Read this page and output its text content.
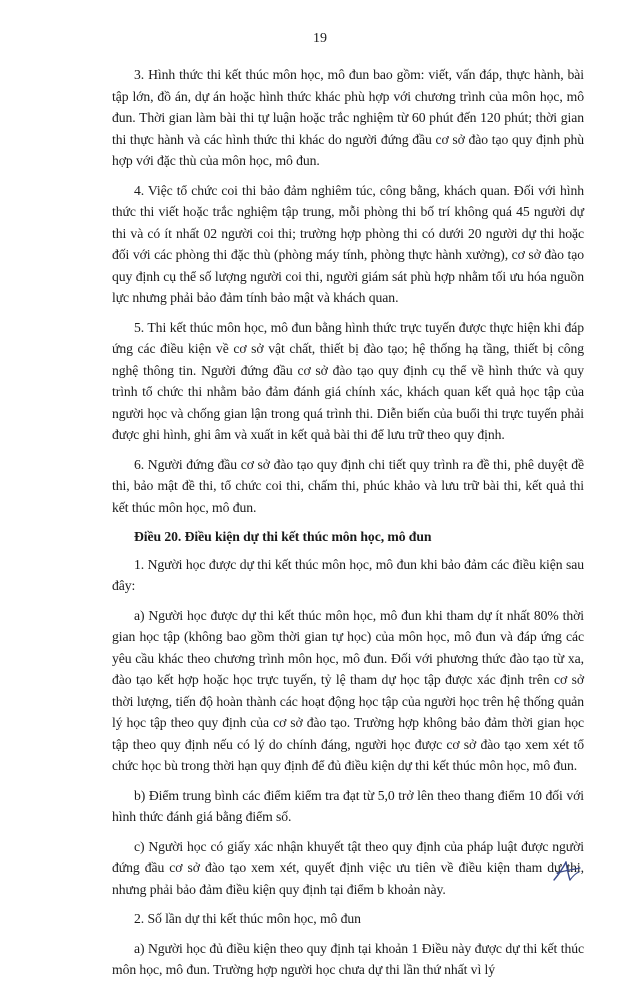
19

3. Hình thức thi kết thúc môn học, mô đun bao gồm: viết, vấn đáp, thực hành, bài tập lớn, đồ án, dự án hoặc hình thức khác phù hợp với chương trình của môn học, mô đun. Thời gian làm bài thi tự luận hoặc trắc nghiệm từ 60 phút đến 120 phút; thời gian thi thực hành và các hình thức thi khác do người đứng đầu cơ sở đào tạo quy định phù hợp với đặc thù của môn học, mô đun.

4. Việc tổ chức coi thi bảo đảm nghiêm túc, công bằng, khách quan. Đối với hình thức thi viết hoặc trắc nghiệm tập trung, mỗi phòng thi bố trí không quá 45 người dự thi và có ít nhất 02 người coi thi; trường hợp phòng thi có dưới 20 người dự thi hoặc đối với các phòng thi đặc thù (phòng máy tính, phòng thực hành xưởng), cơ sở đào tạo quy định cụ thể số lượng người coi thi, người giám sát phù hợp nhằm tối ưu hóa nguồn lực nhưng phải bảo đảm tính bảo mật và khách quan.

5. Thi kết thúc môn học, mô đun bằng hình thức trực tuyến được thực hiện khi đáp ứng các điều kiện về cơ sở vật chất, thiết bị đào tạo; hệ thống hạ tầng, thiết bị công nghệ thông tin. Người đứng đầu cơ sở đào tạo quy định cụ thể về hình thức và quy trình tổ chức thi nhằm bảo đảm đánh giá chính xác, khách quan kết quả học tập của người học và chống gian lận trong quá trình thi. Diễn biến của buổi thi trực tuyến phải được ghi hình, ghi âm và xuất in kết quả bài thi để lưu trữ theo quy định.

6. Người đứng đầu cơ sở đào tạo quy định chi tiết quy trình ra đề thi, phê duyệt đề thi, bảo mật đề thi, tổ chức coi thi, chấm thi, phúc khảo và lưu trữ bài thi, kết quả thi kết thúc môn học, mô đun.

Điều 20. Điều kiện dự thi kết thúc môn học, mô đun

1. Người học được dự thi kết thúc môn học, mô đun khi bảo đảm các điều kiện sau đây:

a) Người học được dự thi kết thúc môn học, mô đun khi tham dự ít nhất 80% thời gian học tập (không bao gồm thời gian tự học) của môn học, mô đun và đáp ứng các yêu cầu khác theo chương trình môn học, mô đun. Đối với phương thức đào tạo từ xa, đào tạo kết hợp hoặc học trực tuyến, tỷ lệ tham dự học tập được xác định trên cơ sở thời lượng, tiến độ hoàn thành các hoạt động học tập của người học trên hệ thống quản lý học tập theo quy định của cơ sở đào tạo. Trường hợp không bảo đảm thời gian học tập theo quy định nếu có lý do chính đáng, người học được cơ sở đào tạo xem xét tổ chức học bù trong thời hạn quy định để đủ điều kiện dự thi kết thúc môn học, mô đun.

b) Điểm trung bình các điểm kiểm tra đạt từ 5,0 trở lên theo thang điểm 10 đối với hình thức đánh giá bằng điểm số.

c) Người học có giấy xác nhận khuyết tật theo quy định của pháp luật được người đứng đầu cơ sở đào tạo xem xét, quyết định việc ưu tiên về điều kiện tham dự thi, nhưng phải bảo đảm điều kiện quy định tại điểm b khoản này.

2. Số lần dự thi kết thúc môn học, mô đun

a) Người học đủ điều kiện theo quy định tại khoản 1 Điều này được dự thi kết thúc môn học, mô đun. Trường hợp người học chưa dự thi lần thứ nhất vì lý
